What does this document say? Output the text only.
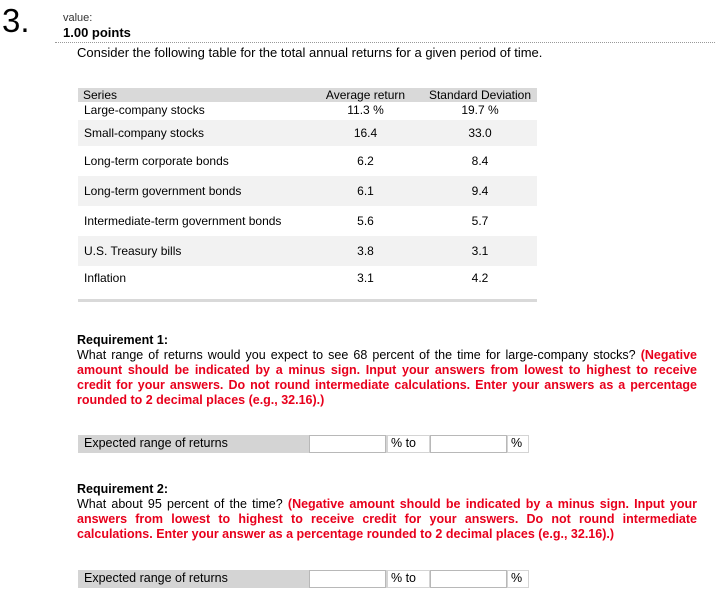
3.	value:
1.00 points
Consider the following table for the total annual returns for a given period of time.
Series	Average return	Standard Deviation
Large-company stocks	11.3 %	19.7 %
Small-company stocks	16.4	33.0
Long-term corporate bonds	6.2	8.4
Long-term government bonds	6.1	9.4
Intermediate-term government bonds	5.6	5.7
U.S. Treasury bills	3.8	3.1
Inflation	3.1	4.2
Requirement 1:
What range of returns would you expect to see 68 percent of the time for large-company stocks? (Negative amount should be indicated by a minus sign. Input your answers from lowest to highest to receive credit for your answers. Do not round intermediate calculations. Enter your answers as a percentage rounded to 2 decimal places (e.g., 32.16).)
Expected range of returns	% to	%
Requirement 2:
What about 95 percent of the time? (Negative amount should be indicated by a minus sign. Input your answers from lowest to highest to receive credit for your answers. Do not round intermediate calculations. Enter your answer as a percentage rounded to 2 decimal places (e.g., 32.16).)
Expected range of returns	% to	%
